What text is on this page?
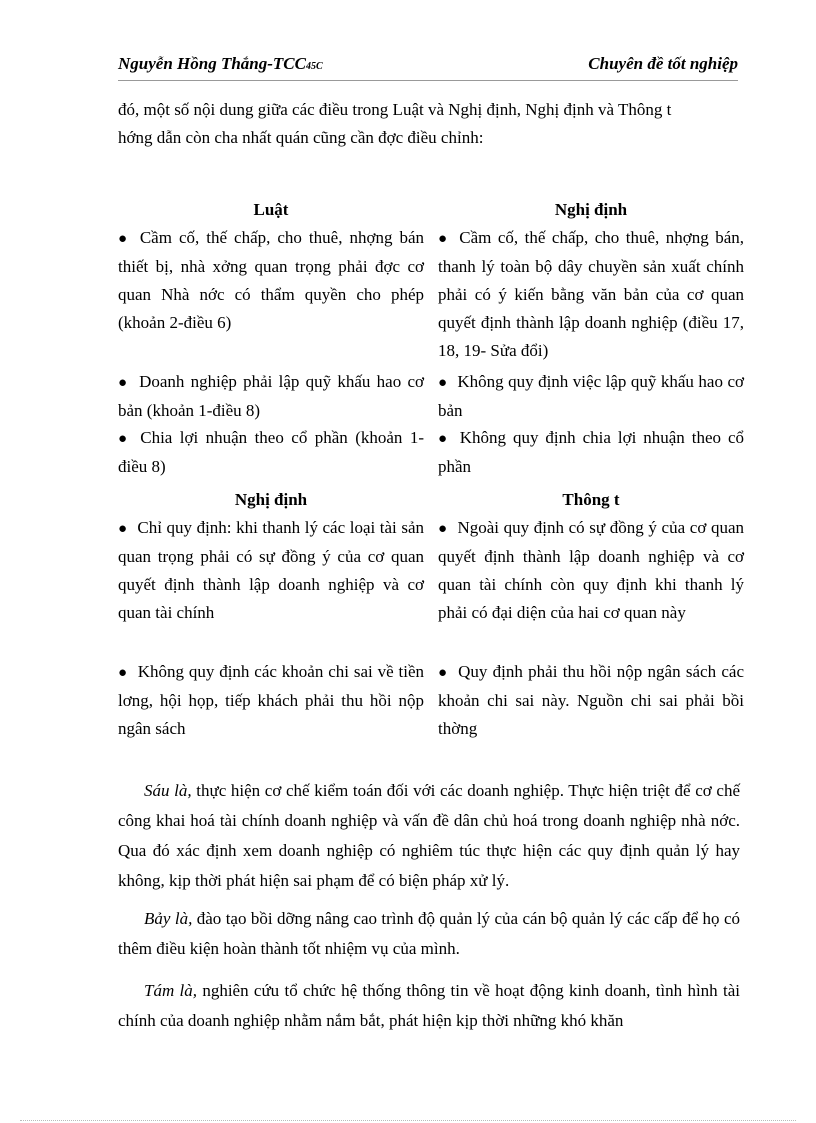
Nguyễn Hồng Thắng-TCC45C	Chuyên đề tốt nghiệp

đó, một số nội dung giữa các điều trong Luật và Nghị định, Nghị định và Thông t

hớng dẫn còn cha nhất quán cũng cần đợc điều chỉnh:

Luật
● Cầm cố, thế chấp, cho thuê, nhợng bán thiết bị, nhà xởng quan trọng phải đợc cơ quan Nhà nớc có thẩm quyền cho phép (khoản 2-điều 6)
● Doanh nghiệp phải lập quỹ khấu hao cơ bản (khoản 1-điều 8)
● Chia lợi nhuận theo cổ phần (khoản 1-điều 8)
Nghị định
● Cầm cố, thế chấp, cho thuê, nhợng bán, thanh lý toàn bộ dây chuyền sản xuất chính phải có ý kiến bằng văn bản của cơ quan quyết định thành lập doanh nghiệp (điều 17, 18, 19- Sửa đổi)
● Không quy định việc lập quỹ khấu hao cơ bản
● Không quy định chia lợi nhuận theo cổ phần
Nghị định
● Chỉ quy định: khi thanh lý các loại tài sản quan trọng phải có sự đồng ý của cơ quan quyết định thành lập doanh nghiệp và cơ quan tài chính
● Không quy định các khoản chi sai về tiền lơng, hội họp, tiếp khách phải thu hồi nộp ngân sách
Thông t
● Ngoài quy định có sự đồng ý của cơ quan quyết định thành lập doanh nghiệp và cơ quan tài chính còn quy định khi thanh lý phải có đại diện của hai cơ quan này
● Quy định phải thu hồi nộp ngân sách các khoản chi sai này. Nguồn chi sai phải bồi thờng

Sáu là, thực hiện cơ chế kiểm toán đối với các doanh nghiệp. Thực hiện triệt để cơ chế công khai hoá tài chính doanh nghiệp và vấn đề dân chủ hoá trong doanh nghiệp nhà nớc. Qua đó xác định xem doanh nghiệp có nghiêm túc thực hiện các quy định quản lý hay không, kịp thời phát hiện sai phạm để có biện pháp xử lý.

Bảy là, đào tạo bồi dỡng nâng cao trình độ quản lý của cán bộ quản lý các cấp để họ có thêm điều kiện hoàn thành tốt nhiệm vụ của mình.

Tám là, nghiên cứu tổ chức hệ thống thông tin về hoạt động kinh doanh, tình hình tài chính của doanh nghiệp nhằm nắm bắt, phát hiện kịp thời những khó khăn
